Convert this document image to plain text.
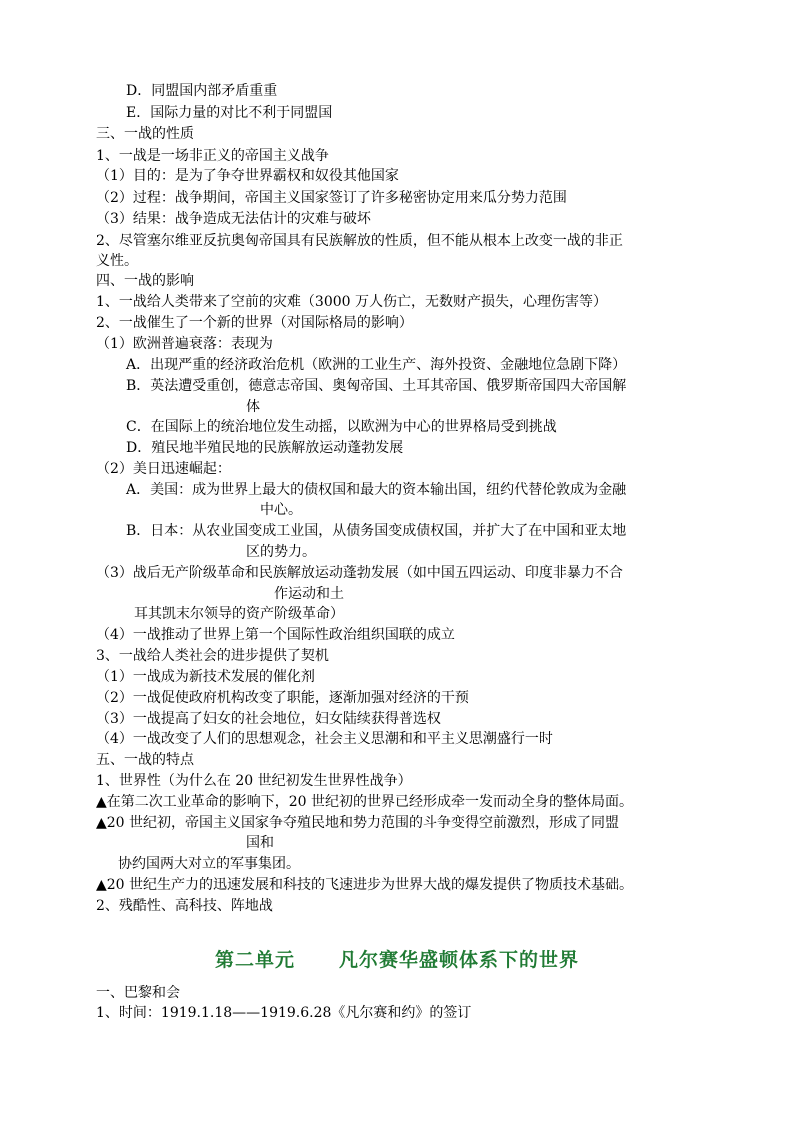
D．同盟国内部矛盾重重
E．国际力量的对比不利于同盟国
三、一战的性质
1、一战是一场非正义的帝国主义战争
（1）目的：是为了争夺世界霸权和奴役其他国家
（2）过程：战争期间，帝国主义国家签订了许多秘密协定用来瓜分势力范围
（3）结果：战争造成无法估计的灾难与破坏
2、尽管塞尔维亚反抗奥匈帝国具有民族解放的性质，但不能从根本上改变一战的非正
义性。
四、一战的影响
1、一战给人类带来了空前的灾难（3000 万人伤亡，无数财产损失，心理伤害等）
2、一战催生了一个新的世界（对国际格局的影响）
（1）欧洲普遍衰落：表现为
A．出现严重的经济政治危机（欧洲的工业生产、海外投资、金融地位急剧下降）
B．英法遭受重创，德意志帝国、奥匈帝国、土耳其帝国、俄罗斯帝国四大帝国解
体
C．在国际上的统治地位发生动摇，以欧洲为中心的世界格局受到挑战
D．殖民地半殖民地的民族解放运动蓬勃发展
（2）美日迅速崛起：
A．美国：成为世界上最大的债权国和最大的资本输出国，纽约代替伦敦成为金融
中心。
B．日本：从农业国变成工业国，从债务国变成债权国，并扩大了在中国和亚太地
区的势力。
（3）战后无产阶级革命和民族解放运动蓬勃发展（如中国五四运动、印度非暴力不合
作运动和土
耳其凯末尔领导的资产阶级革命）
（4）一战推动了世界上第一个国际性政治组织国联的成立
3、一战给人类社会的进步提供了契机
（1）一战成为新技术发展的催化剂
（2）一战促使政府机构改变了职能，逐渐加强对经济的干预
（3）一战提高了妇女的社会地位，妇女陆续获得普选权
（4）一战改变了人们的思想观念，社会主义思潮和和平主义思潮盛行一时
五、一战的特点
1、世界性（为什么在 20 世纪初发生世界性战争）
▲在第二次工业革命的影响下，20 世纪初的世界已经形成牵一发而动全身的整体局面。
▲20 世纪初，帝国主义国家争夺殖民地和势力范围的斗争变得空前激烈，形成了同盟
国和
协约国两大对立的军事集团。
▲20 世纪生产力的迅速发展和科技的飞速进步为世界大战的爆发提供了物质技术基础。
2、残酷性、高科技、阵地战
第二单元 凡尔赛华盛顿体系下的世界
一、巴黎和会
1、时间：1919.1.18——1919.6.28《凡尔赛和约》的签订
